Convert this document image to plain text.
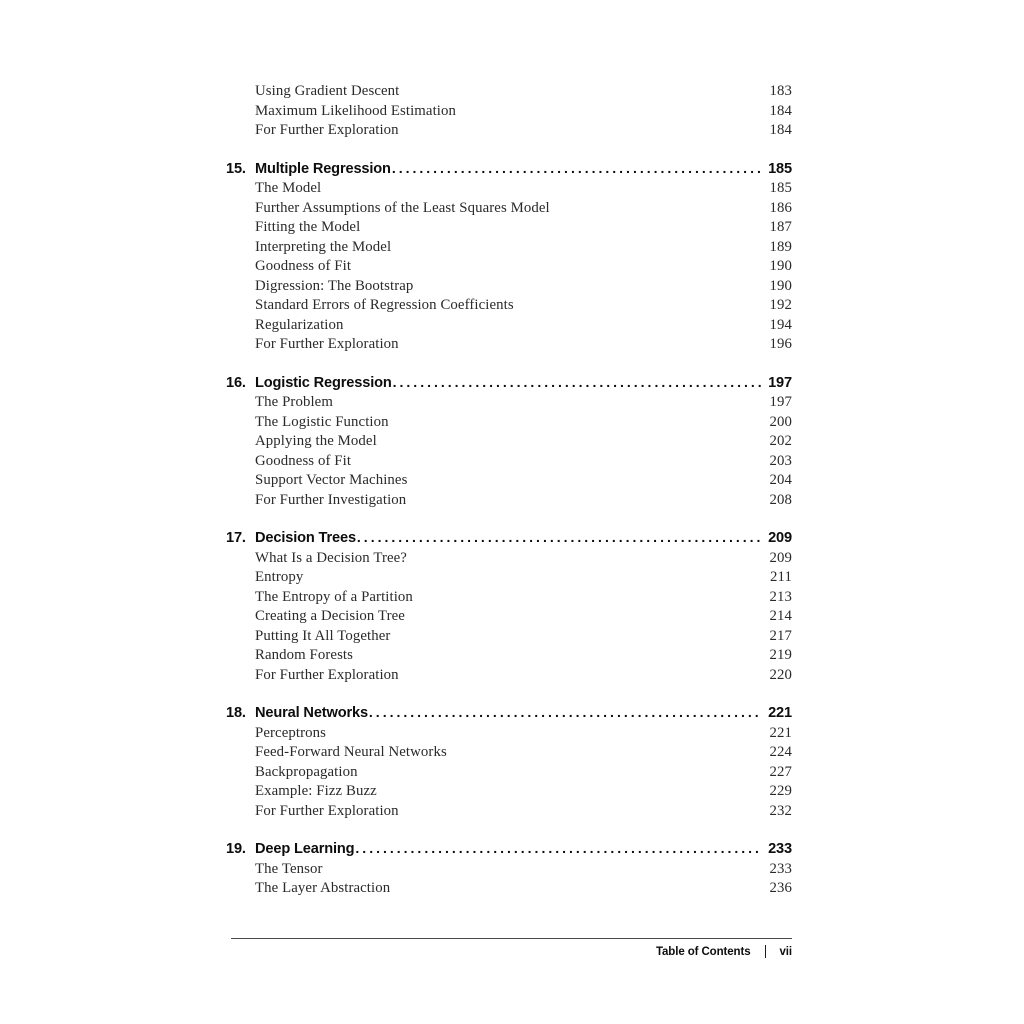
Using Gradient Descent	183
Maximum Likelihood Estimation	184
For Further Exploration	184
15. Multiple Regression .....	185
The Model	185
Further Assumptions of the Least Squares Model	186
Fitting the Model	187
Interpreting the Model	189
Goodness of Fit	190
Digression: The Bootstrap	190
Standard Errors of Regression Coefficients	192
Regularization	194
For Further Exploration	196
16. Logistic Regression .....	197
The Problem	197
The Logistic Function	200
Applying the Model	202
Goodness of Fit	203
Support Vector Machines	204
For Further Investigation	208
17. Decision Trees .....	209
What Is a Decision Tree?	209
Entropy	211
The Entropy of a Partition	213
Creating a Decision Tree	214
Putting It All Together	217
Random Forests	219
For Further Exploration	220
18. Neural Networks .....	221
Perceptrons	221
Feed-Forward Neural Networks	224
Backpropagation	227
Example: Fizz Buzz	229
For Further Exploration	232
19. Deep Learning .....	233
The Tensor	233
The Layer Abstraction	236
Table of Contents	vii
